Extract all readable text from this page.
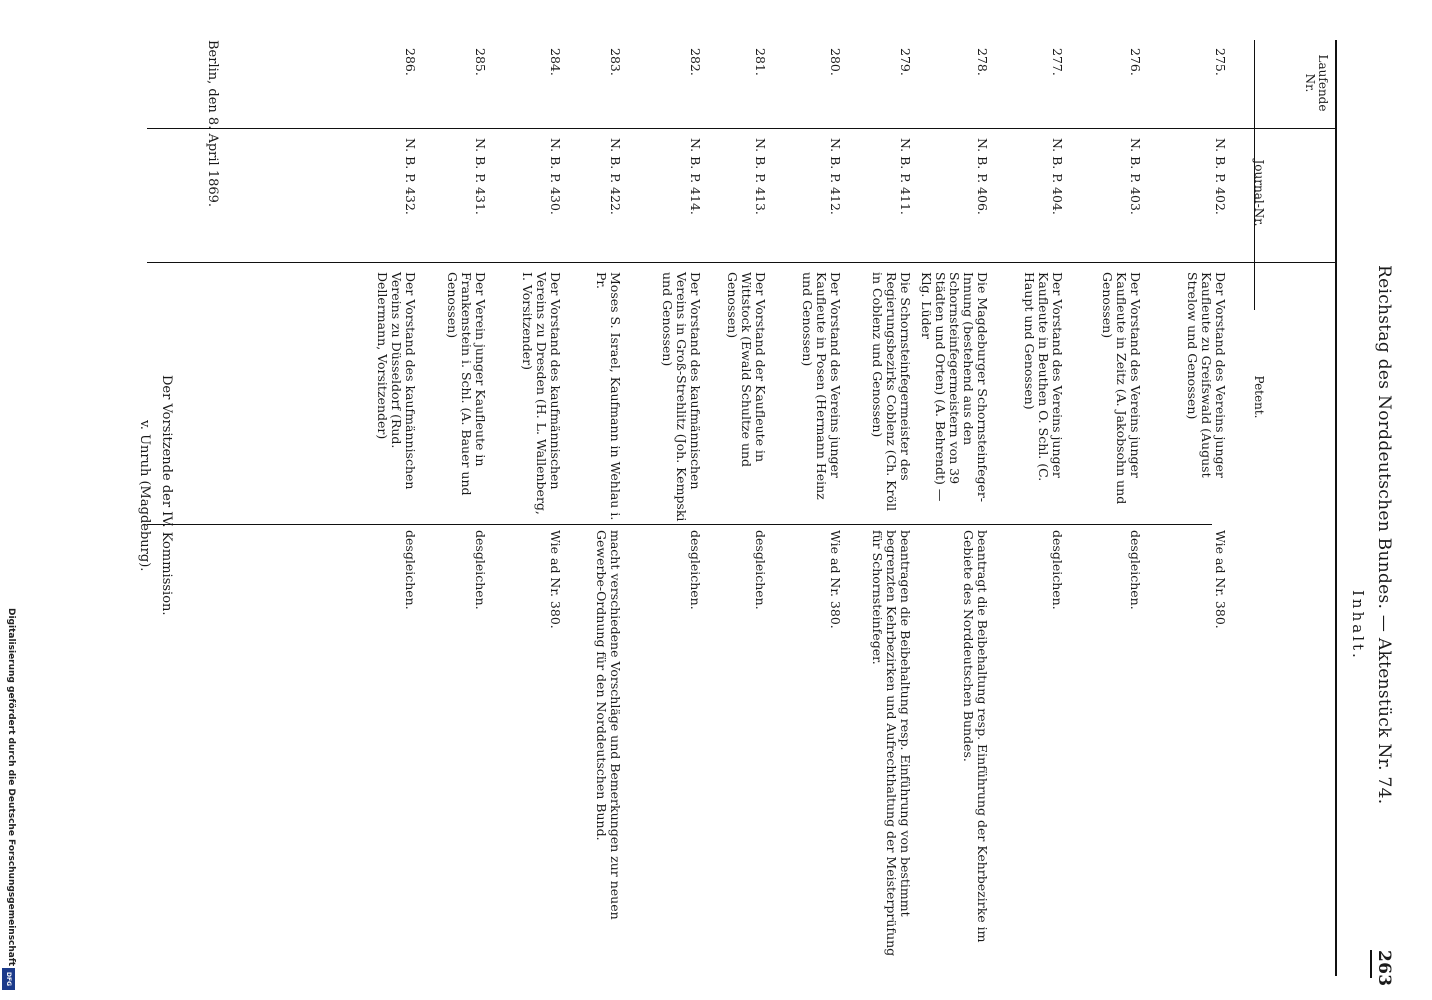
Reichstag des Norddeutschen Bundes. — Aktenstück Nr. 74.
263
Inhalt.
Laufende Nr.
Journal-Nr.
Petent.
275.
N. B. P. 402.
Der Vorstand des Vereins junger Kaufleute zu Greifswald (August Strelow und Genossen)
Wie ad Nr. 380.
276.
N. B. P. 403.
Der Vorstand des Vereins junger Kaufleute in Zeitz (A. Jakobsohn und Genossen)
desgleichen.
277.
N. B. P. 404.
Der Vorstand des Vereins junger Kaufleute in Beuthen O. Schl. (C. Haupt und Genossen)
desgleichen.
278.
N. B. P. 406.
Die Magdeburger Schornsteinfeger-Innung (bestehend aus den Schornsteinfegermeistern von 39 Städten und Orten) (A. Behrendt) — Klg. Lüder
beantragt die Beibehaltung resp. Einführung der Kehrbezirke im Gebiete des Norddeutschen Bundes.
279.
N. B. P. 411.
Die Schornsteinfegermeister des Regierungsbezirks Coblenz (Ch. Kröll in Coblenz und Genossen)
beantragen die Beibehaltung resp. Einführung von bestimmt begrenzten Kehrbezirken und Aufrechthaltung der Meisterprüfung für Schornsteinfeger.
280.
N. B. P. 412.
Der Vorstand des Vereins junger Kaufleute in Posen (Hermann Heinz und Genossen)
Wie ad Nr. 380.
281.
N. B. P. 413.
Der Vorstand der Kaufleute in Wittstock (Ewald Schultze und Genossen)
desgleichen.
282.
N. B. P. 414.
Der Vorstand des kaufmännischen Vereins in Groß-Strehlitz (Joh. Kempski und Genossen)
desgleichen.
283.
N. B. P. 422.
Moses S. Israel, Kaufmann in Wehlau i. Pr.
macht verschiedene Vorschläge und Bemerkungen zur neuen Gewerbe-Ordnung für den Norddeutschen Bund.
284.
N. B. P. 430.
Der Vorstand des kaufmännischen Vereins zu Dresden (H. L. Wallenberg, I. Vorsitzender)
Wie ad Nr. 380.
285.
N. B. P. 431.
Der Verein junger Kaufleute in Frankenstein i. Schl. (A. Bauer und Genossen)
desgleichen.
286.
N. B. P. 432.
Der Vorstand des kaufmännischen Vereins zu Düsseldorf (Rud. Dellermann, Vorsitzender)
desgleichen.
Berlin, den 8. April 1869.
Der Vorsitzende der IV. Kommission.
v. Unruh (Magdeburg).
Digitalisierung gefördert durch die Deutsche Forschungsgemeinschaft
DFG
